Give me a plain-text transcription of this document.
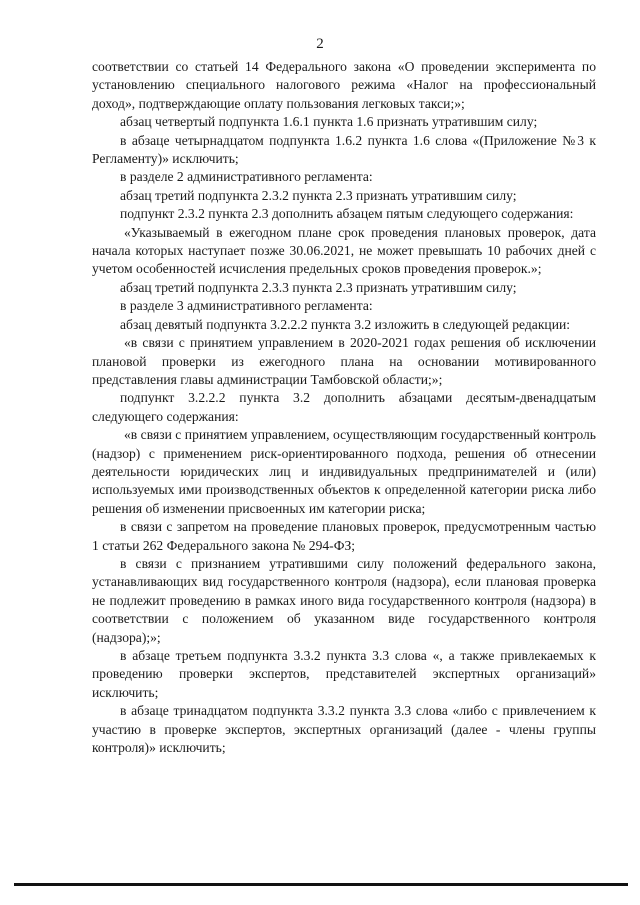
2

соответствии со статьей 14 Федерального закона «О проведении эксперимента по установлению специального налогового режима «Налог на профессиональный доход», подтверждающие оплату пользования легковых такси;»;

абзац четвертый подпункта 1.6.1 пункта 1.6 признать утратившим силу;

в абзаце четырнадцатом подпункта 1.6.2 пункта 1.6 слова «(Приложение №3 к Регламенту)» исключить;

в разделе 2 административного регламента:

абзац третий подпункта 2.3.2 пункта 2.3 признать утратившим силу;

подпункт 2.3.2 пункта 2.3 дополнить абзацем пятым следующего содержания:

«Указываемый в ежегодном плане срок проведения плановых проверок, дата начала которых наступает позже 30.06.2021, не может превышать 10 рабочих дней с учетом особенностей исчисления предельных сроков проведения проверок.»;

абзац третий подпункта 2.3.3 пункта 2.3 признать утратившим силу;

в разделе 3 административного регламента:

абзац девятый подпункта 3.2.2.2 пункта 3.2 изложить в следующей редакции:

«в связи с принятием управлением в 2020-2021 годах решения об исключении плановой проверки из ежегодного плана на основании мотивированного представления главы администрации Тамбовской области;»;

подпункт 3.2.2.2 пункта 3.2 дополнить абзацами десятым-двенадцатым следующего содержания:

«в связи с принятием управлением, осуществляющим государственный контроль (надзор) с применением риск-ориентированного подхода, решения об отнесении деятельности юридических лиц и индивидуальных предпринимателей и (или) используемых ими производственных объектов к определенной категории риска либо решения об изменении присвоенных им категории риска;

в связи с запретом на проведение плановых проверок, предусмотренным частью 1 статьи 262 Федерального закона № 294-ФЗ;

в связи с признанием утратившими силу положений федерального закона, устанавливающих вид государственного контроля (надзора), если плановая проверка не подлежит проведению в рамках иного вида государственного контроля (надзора) в соответствии с положением об указанном виде государственного контроля (надзора);»;

в абзаце третьем подпункта 3.3.2 пункта 3.3 слова «, а также привлекаемых к проведению проверки экспертов, представителей экспертных организаций» исключить;

в абзаце тринадцатом подпункта 3.3.2 пункта 3.3 слова «либо с привлечением к участию в проверке экспертов, экспертных организаций (далее - члены группы контроля)» исключить;
